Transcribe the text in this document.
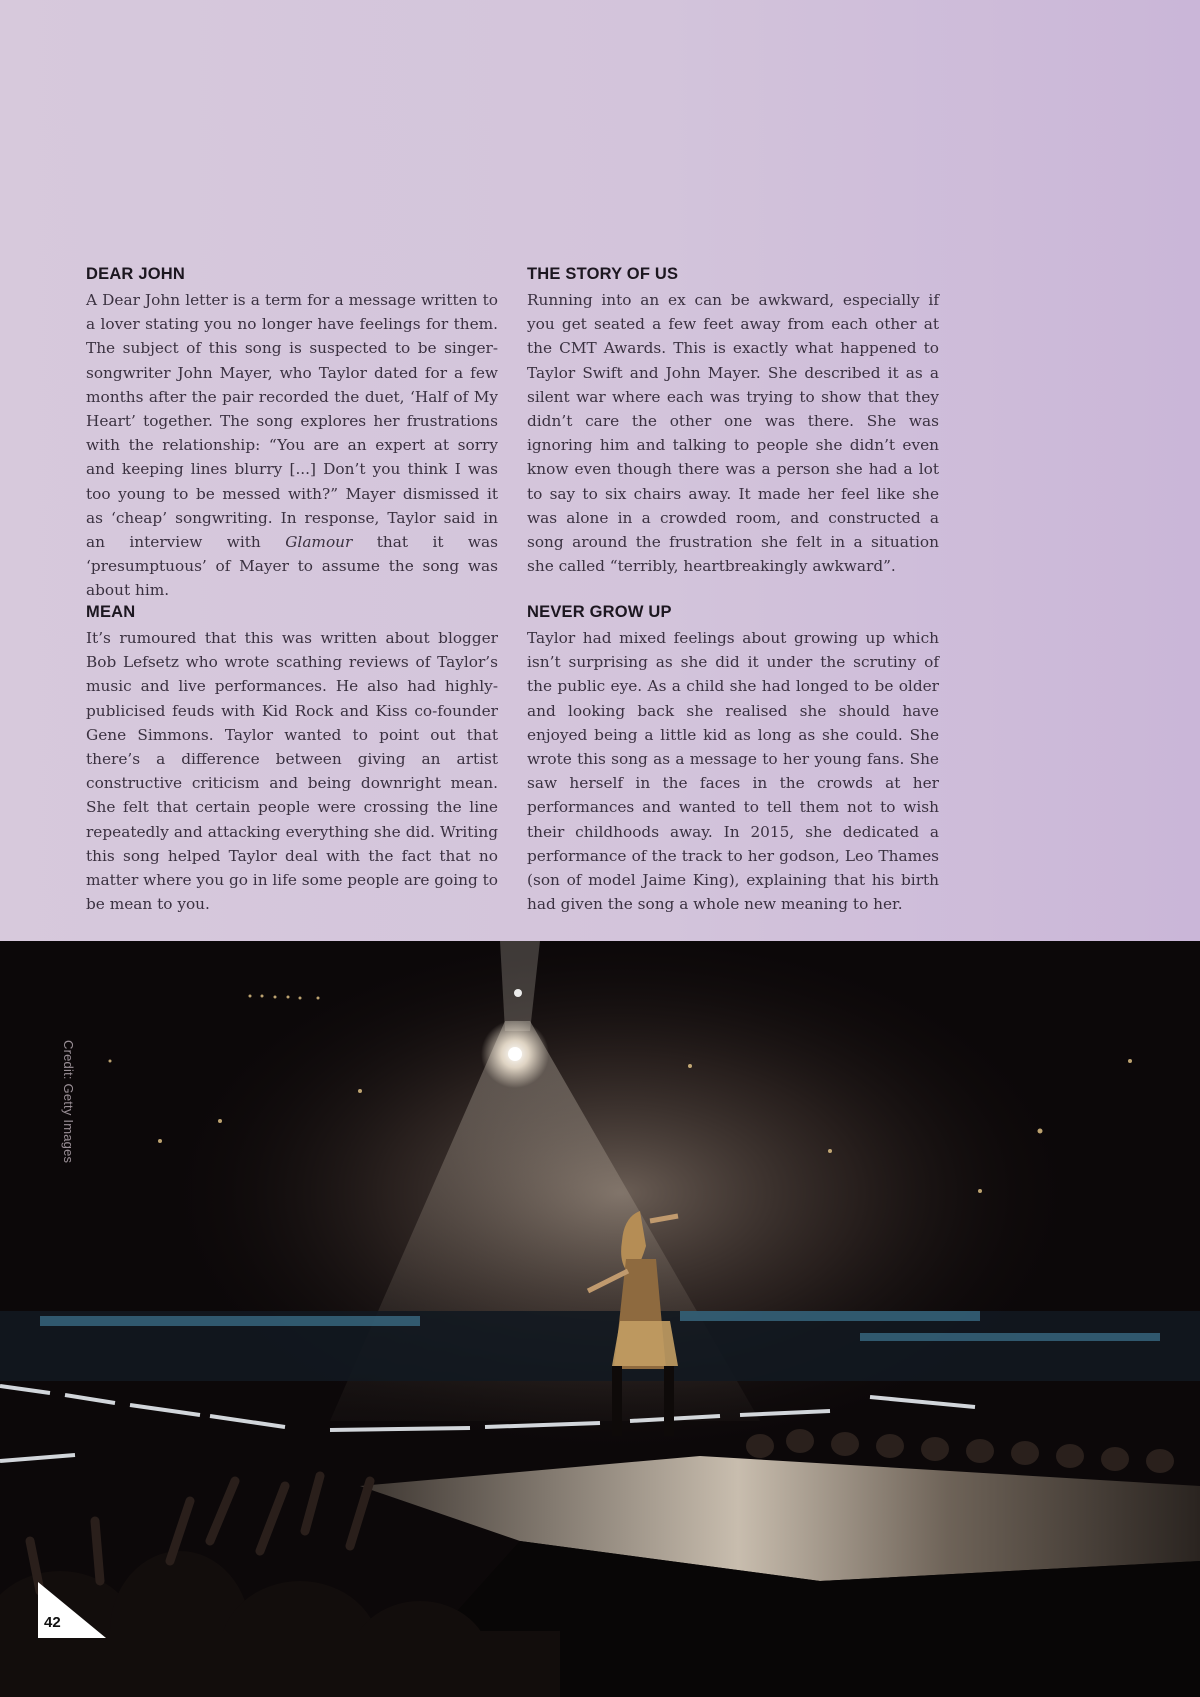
DEAR JOHN

A Dear John letter is a term for a message written to a lover stating you no longer have feelings for them. The subject of this song is suspected to be singer-songwriter John Mayer, who Taylor dated for a few months after the pair recorded the duet, ‘Half of My Heart’ together. The song explores her frustrations with the relationship: “You are an expert at sorry and keeping lines blurry [...] Don’t you think I was too young to be messed with?” Mayer dismissed it as ‘cheap’ songwriting. In response, Taylor said in an interview with Glamour that it was ‘presumptuous’ of Mayer to assume the song was about him.

MEAN

It’s rumoured that this was written about blogger Bob Lefsetz who wrote scathing reviews of Taylor’s music and live performances. He also had highly-publicised feuds with Kid Rock and Kiss co-founder Gene Simmons. Taylor wanted to point out that there’s a difference between giving an artist constructive criticism and being downright mean. She felt that certain people were crossing the line repeatedly and attacking everything she did. Writing this song helped Taylor deal with the fact that no matter where you go in life some people are going to be mean to you.

THE STORY OF US

Running into an ex can be awkward, especially if you get seated a few feet away from each other at the CMT Awards. This is exactly what happened to Taylor Swift and John Mayer. She described it as a silent war where each was trying to show that they didn’t care the other one was there. She was ignoring him and talking to people she didn’t even know even though there was a person she had a lot to say to six chairs away. It made her feel like she was alone in a crowded room, and constructed a song around the frustration she felt in a situation she called “terribly, heartbreakingly awkward”.

NEVER GROW UP

Taylor had mixed feelings about growing up which isn’t surprising as she did it under the scrutiny of the public eye. As a child she had longed to be older and looking back she realised she should have enjoyed being a little kid as long as she could. She wrote this song as a message to her young fans. She saw herself in the faces in the crowds at her performances and wanted to tell them not to wish their childhoods away. In 2015, she dedicated a performance of the track to her godson, Leo Thames (son of model Jaime King), explaining that his birth had given the song a whole new meaning to her.

Credit: Getty Images
42
